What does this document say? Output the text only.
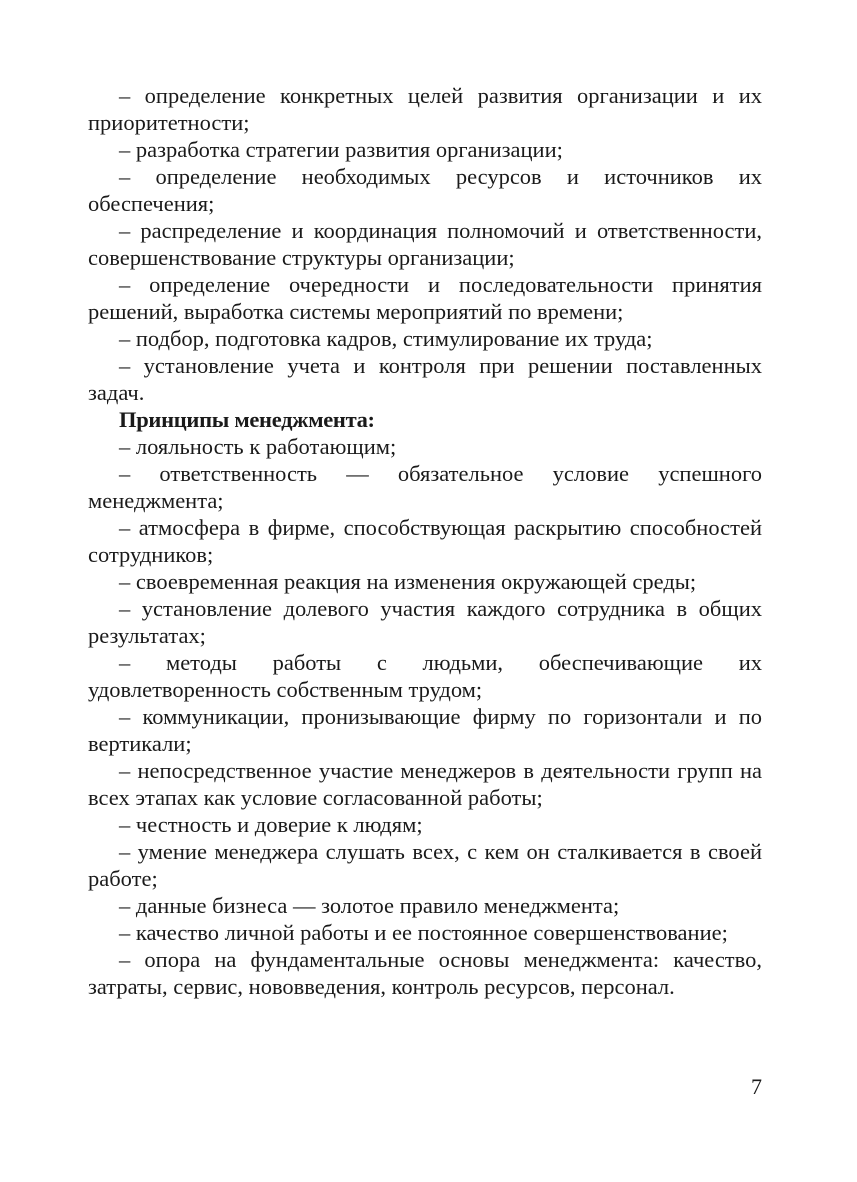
– определение конкретных целей развития организации и их приоритетности;

– разработка стратегии развития организации;

– определение необходимых ресурсов и источников их обеспечения;

– распределение и координация полномочий и ответственности, совершенствование структуры организации;

– определение очередности и последовательности принятия решений, выработка системы мероприятий по времени;

– подбор, подготовка кадров, стимулирование их труда;

– установление учета и контроля при решении поставленных задач.

Принципы менеджмента:

– лояльность к работающим;

– ответственность — обязательное условие успешного менеджмента;

– атмосфера в фирме, способствующая раскрытию способностей сотрудников;

– своевременная реакция на изменения окружающей среды;

– установление долевого участия каждого сотрудника в общих результатах;

– методы работы с людьми, обеспечивающие их удовлетворенность собственным трудом;

– коммуникации, пронизывающие фирму по горизонтали и по вертикали;

– непосредственное участие менеджеров в деятельности групп на всех этапах как условие согласованной работы;

– честность и доверие к людям;

– умение менеджера слушать всех, с кем он сталкивается в своей работе;

– данные бизнеса — золотое правило менеджмента;

– качество личной работы и ее постоянное совершенствование;

– опора на фундаментальные основы менеджмента: качество, затраты, сервис, нововведения, контроль ресурсов, персонал.

7
